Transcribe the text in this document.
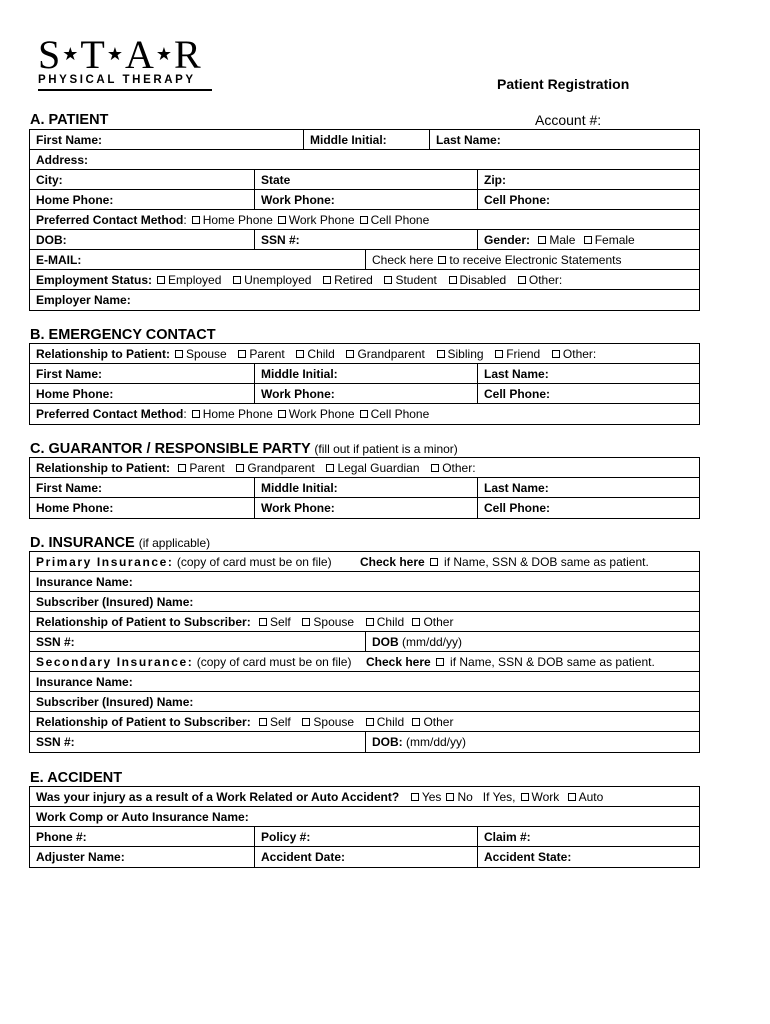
S★T★A★R
PHYSICAL THERAPY	Patient Registration
A. PATIENT	Account #:
First Name:	Middle Initial:	Last Name:
Address:
City:	State	Zip:
Home Phone:	Work Phone:	Cell Phone:
Preferred Contact Method: Home Phone Work Phone Cell Phone
DOB:	SSN #:	Gender: Male Female
E-MAIL:	Check here to receive Electronic Statements
Employment Status: Employed Unemployed Retired Student Disabled Other:
Employer Name:
B. EMERGENCY CONTACT
Relationship to Patient: Spouse Parent Child Grandparent Sibling Friend Other:
First Name:	Middle Initial:	Last Name:
Home Phone:	Work Phone:	Cell Phone:
Preferred Contact Method: Home Phone Work Phone Cell Phone
C. GUARANTOR / RESPONSIBLE PARTY (fill out if patient is a minor)
Relationship to Patient: Parent Grandparent Legal Guardian Other:
First Name:	Middle Initial:	Last Name:
Home Phone:	Work Phone:	Cell Phone:
D. INSURANCE (if applicable)
Primary Insurance: (copy of card must be on file)	Check here if Name, SSN & DOB same as patient.
Insurance Name:
Subscriber (Insured) Name:
Relationship of Patient to Subscriber: Self Spouse Child Other
SSN #:	DOB (mm/dd/yy)
Secondary Insurance: (copy of card must be on file)	Check here if Name, SSN & DOB same as patient.
Insurance Name:
Subscriber (Insured) Name:
Relationship of Patient to Subscriber: Self Spouse Child Other
SSN #:	DOB: (mm/dd/yy)
E. ACCIDENT
Was your injury as a result of a Work Related or Auto Accident? Yes No If Yes, Work Auto
Work Comp or Auto Insurance Name:
Phone #:	Policy #:	Claim #:
Adjuster Name:	Accident Date:	Accident State:
